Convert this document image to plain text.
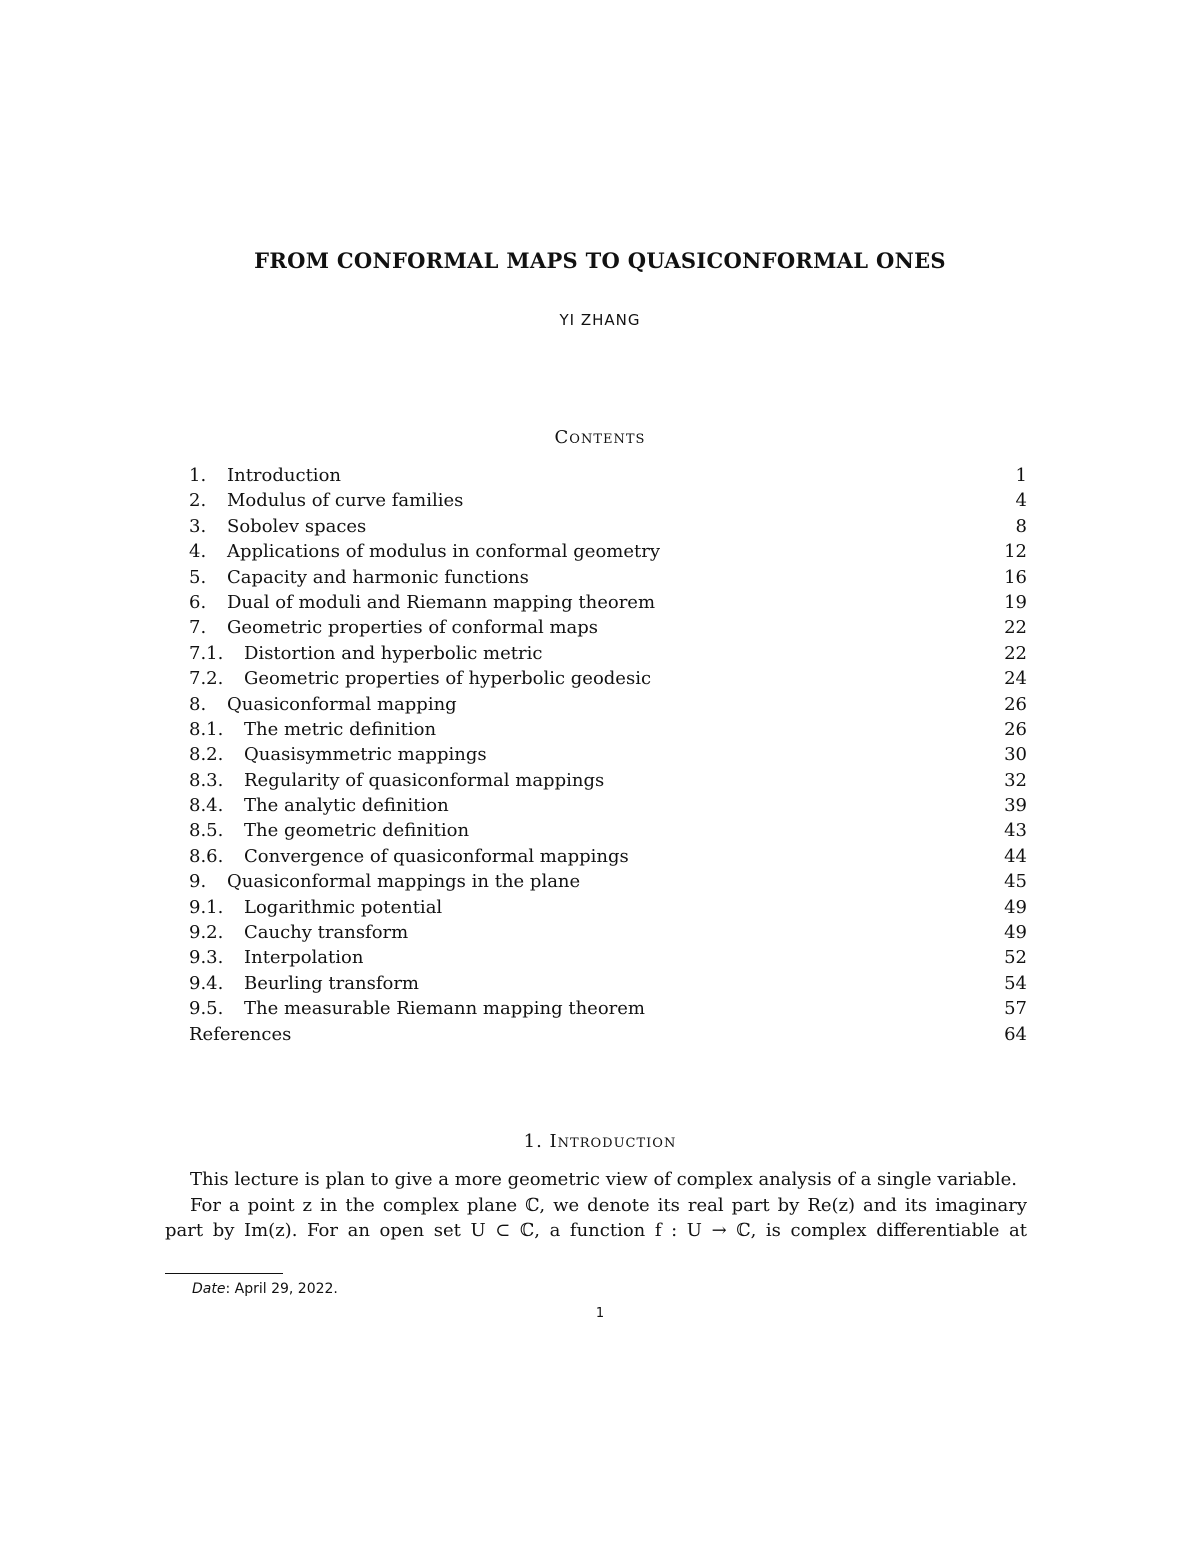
FROM CONFORMAL MAPS TO QUASICONFORMAL ONES
YI ZHANG
Contents
1. Introduction	1
2. Modulus of curve families	4
3. Sobolev spaces	8
4. Applications of modulus in conformal geometry	12
5. Capacity and harmonic functions	16
6. Dual of moduli and Riemann mapping theorem	19
7. Geometric properties of conformal maps	22
7.1. Distortion and hyperbolic metric	22
7.2. Geometric properties of hyperbolic geodesic	24
8. Quasiconformal mapping	26
8.1. The metric definition	26
8.2. Quasisymmetric mappings	30
8.3. Regularity of quasiconformal mappings	32
8.4. The analytic definition	39
8.5. The geometric definition	43
8.6. Convergence of quasiconformal mappings	44
9. Quasiconformal mappings in the plane	45
9.1. Logarithmic potential	49
9.2. Cauchy transform	49
9.3. Interpolation	52
9.4. Beurling transform	54
9.5. The measurable Riemann mapping theorem	57
References	64
1. Introduction

This lecture is plan to give a more geometric view of complex analysis of a single variable.

For a point z in the complex plane ℂ, we denote its real part by Re(z) and its imaginary part by Im(z). For an open set U ⊂ ℂ, a function f : U → ℂ, is complex differentiable at

Date: April 29, 2022.
1
